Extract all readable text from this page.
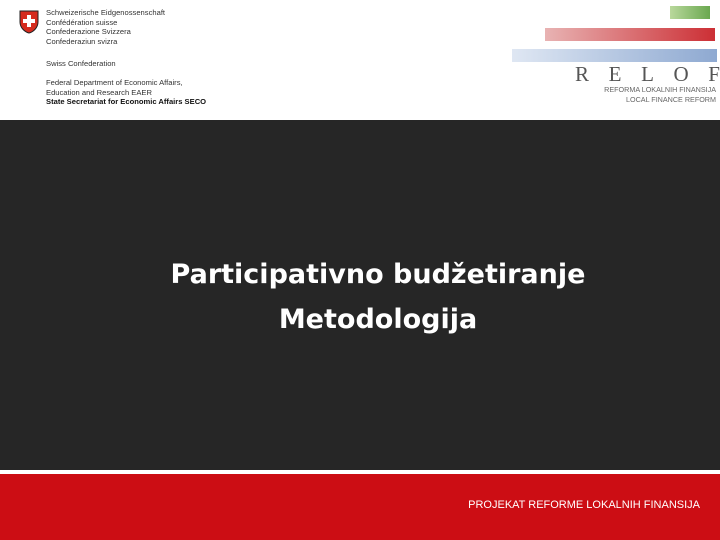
Schweizerische Eidgenossenschaft
Confédération suisse
Confederazione Svizzera
Confederaziun svizra
Swiss Confederation
Federal Department of Economic Affairs,
Education and Research EAER
State Secretariat for Economic Affairs SECO
R E L O F
REFORMA LOKALNIH FINANSIJA
LOCAL FINANCE REFORM
Participativno budžetiranje
Metodologija
PROJEKAT REFORME LOKALNIH FINANSIJA
